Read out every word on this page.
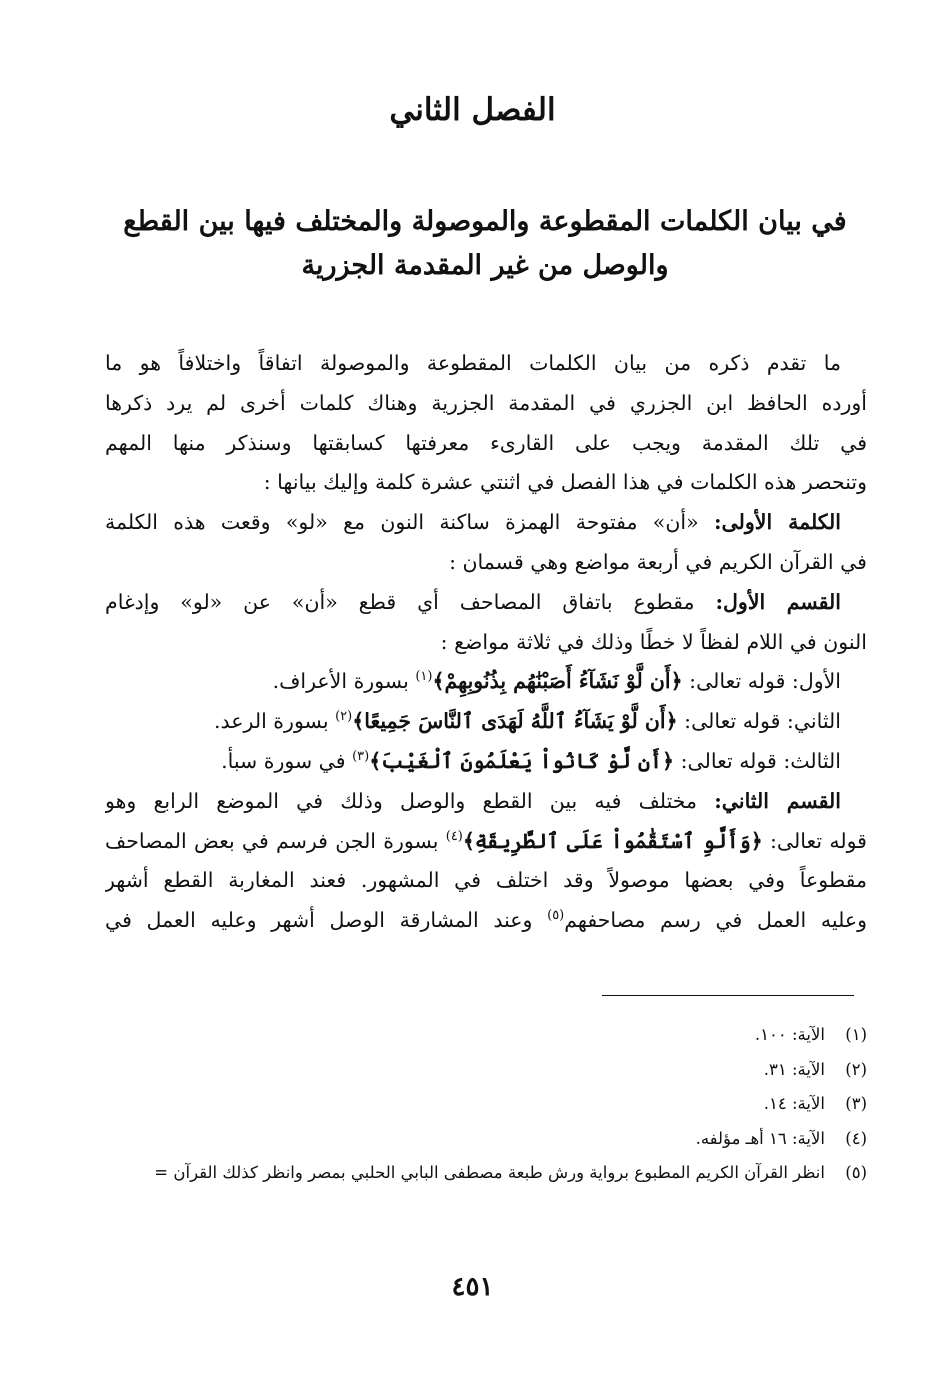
الفصل الثاني
في بيان الكلمات المقطوعة والموصولة والمختلف فيها بين القطع
والوصل من غير المقدمة الجزرية
ما تقدم ذكره من بيان الكلمات المقطوعة والموصولة اتفاقاً واختلافاً هو ما
أورده الحافظ ابن الجزري في المقدمة الجزرية وهناك كلمات أخرى لم يرد ذكرها
في تلك المقدمة ويجب على القارىء معرفتها كسابقتها وسنذكر منها المهم
وتنحصر هذه الكلمات في هذا الفصل في اثنتي عشرة كلمة وإليك بيانها :
الكلمة الأولى: «أن» مفتوحة الهمزة ساكنة النون مع «لو» وقعت هذه الكلمة
في القرآن الكريم في أربعة مواضع وهي قسمان :
القسم الأول: مقطوع باتفاق المصاحف أي قطع «أن» عن «لو» وإدغام
النون في اللام لفظاً لا خطًا وذلك في ثلاثة مواضع :
الأول: قوله تعالى: ﴿أَن لَّوْ نَشَآءُ أَصَبْنَٰهُم بِذُنُوبِهِمْ﴾$^{(١)}$ بسورة الأعراف.
الثاني: قوله تعالى: ﴿أَن لَّوْ يَشَآءُ ٱللَّهُ لَهَدَى ٱلنَّاسَ جَمِيعًا﴾$^{(٢)}$ بسورة الرعد.
الثالث: قوله تعالى: ﴿أَن لَّوْ كَانُواْ يَعْلَمُونَ ٱلْغَيْبَ﴾$^{(٣)}$ في سورة سبأ.
القسم الثاني: مختلف فيه بين القطع والوصل وذلك في الموضع الرابع وهو
قوله تعالى: ﴿وَأَلَّوِ ٱسْتَقَٰمُواْ عَلَى ٱلطَّرِيقَةِ﴾$^{(٤)}$ بسورة الجن فرسم في بعض المصاحف
مقطوعاً وفي بعضها موصولاً وقد اختلف في المشهور. فعند المغاربة القطع أشهر
وعليه العمل في رسم مصاحفهم$^{(٥)}$ وعند المشارقة الوصل أشهر وعليه العمل في
(١)الآية: ١٠٠.
(٢)الآية: ٣١.
(٣)الآية: ١٤.
(٤)الآية: ١٦ أهـ مؤلفه.
(٥)انظر القرآن الكريم المطبوع برواية ورش طبعة مصطفى البابي الحلبي بمصر وانظر كذلك القرآن =
٤٥١
